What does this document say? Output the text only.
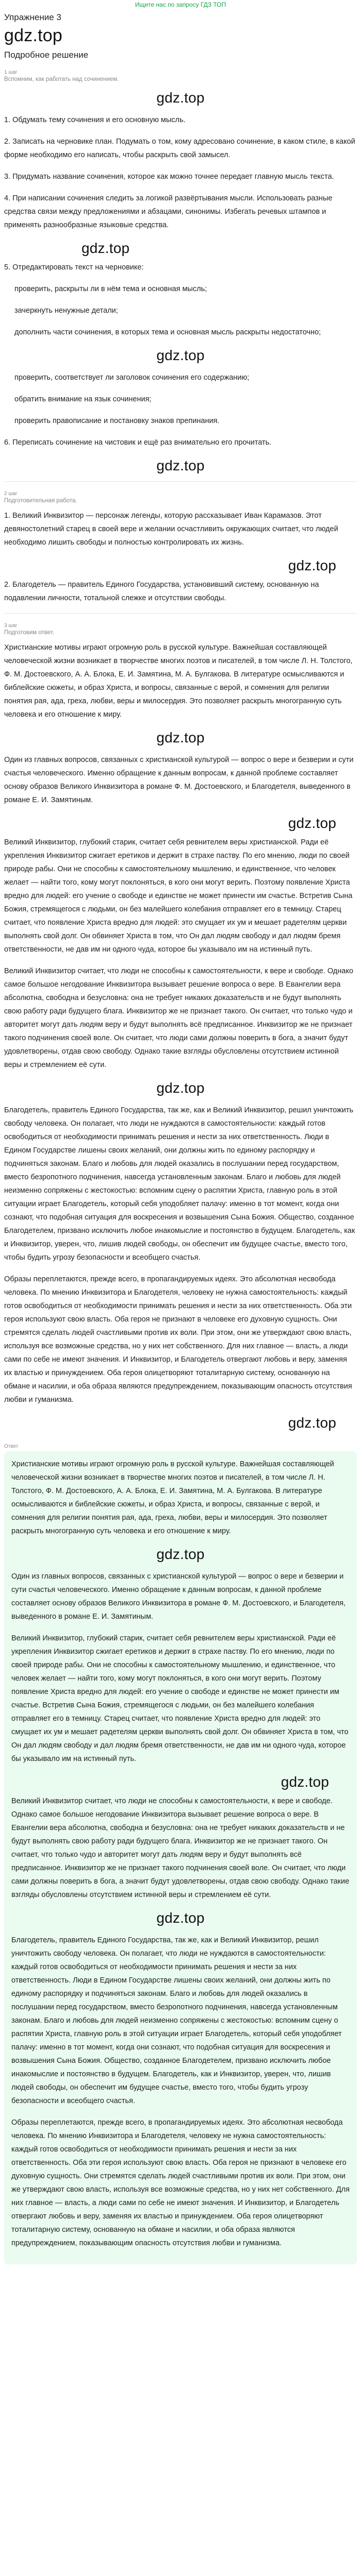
Ищите нас по запросу ГДЗ ТОП
Упражнение 3
gdz.top
Подробное решение
1 шаг
Вспомним, как работать над сочинением.
gdz.top

1. Обдумать тему сочинения и его основную мысль.

2. Записать на черновике план. Подумать о том, кому адресовано сочинение, в каком стиле, в какой форме необходимо его написать, чтобы раскрыть свой замысел.

3. Придумать название сочинения, которое как можно точнее передает главную мысль текста.

4. При написании сочинения следить за логикой развёртывания мысли. Использовать разные средства связи между предложениями и абзацами, синонимы. Избегать речевых штампов и применять разнообразные языковые средства.

gdz.top

5. Отредактировать текст на черновике:

проверить, раскрыты ли в нём тема и основная мысль;
зачеркнуть ненужные детали;
дополнить части сочинения, в которых тема и основная мысль раскрыты недостаточно;
gdz.top
проверить, соответствует ли заголовок сочинения его содержанию;
обратить внимание на язык сочинения;
проверить правописание и постановку знаков препинания.

6. Переписать сочинение на чистовик и ещё раз внимательно его прочитать.

gdz.top
2 шаг
Подготовительная работа.

1. Великий Инквизитор — персонаж легенды, которую рассказывает Иван Карамазов. Этот девяностолетний старец в своей вере и желании осчастливить окружающих считает, что людей необходимо лишить свободы и полностью контролировать их жизнь.

gdz.top

2. Благодетель — правитель Единого Государства, установивший систему, основанную на подавлении личности, тотальной слежке и отсутствии свободы.

3 шаг
Подготовим ответ.

Христианские мотивы играют огромную роль в русской культуре. Важнейшая составляющей человеческой жизни возникает в творчестве многих поэтов и писателей, в том числе Л. Н. Толстого, Ф. М. Достоевского, А. А. Блока, Е. И. Замятина, М. А. Булгакова. В литературе осмысливаются и библейские сюжеты, и образ Христа, и вопросы, связанные с верой, и сомнения для религии понятия рая, ада, греха, любви, веры и милосердия. Это позволяет раскрыть многогранную суть человека и его отношение к миру.

gdz.top

Один из главных вопросов, связанных с христианской культурой — вопрос о вере и безверии и сути счастья человеческого. Именно обращение к данным вопросам, к данной проблеме составляет основу образов Великого Инквизитора в романе Ф. М. Достоевского, и Благодетеля, выведенного в романе Е. И. Замятиным.

gdz.top

Великий Инквизитор, глубокий старик, считает себя ревнителем веры христианской. Ради её укрепления Инквизитор сжигает еретиков и держит в страхе паству. По его мнению, люди по своей природе рабы. Они не способны к самостоятельному мышлению, и единственное, что человек желает — найти того, кому могут поклоняться, в кого они могут верить. Поэтому появление Христа вредно для людей: его учение о свободе и единстве не может принести им счастье. Встретив Сына Божия, стремящегося с людьми, он без малейшего колебания отправляет его в темницу. Старец считает, что появление Христа вредно для людей: это смущает их ум и мешает радетелям церкви выполнять свой долг. Он обвиняет Христа в том, что Он дал людям свободу и дал людям бремя ответственности, не дав им ни одного чуда, которое бы указывало им на истинный путь.

Великий Инквизитор считает, что люди не способны к самостоятельности, к вере и свободе. Однако самое большое негодование Инквизитора вызывает решение вопроса о вере. В Евангелии вера абсолютна, свободна и безусловна: она не требует никаких доказательств и не будут выполнять свою работу ради будущего блага. Инквизитор же не признает такого. Он считает, что только чудо и авторитет могут дать людям веру и будут выполнять всё предписанное. Инквизитор же не признает такого подчинения своей воле. Он считает, что люди сами должны поверить в бога, а значит будут удовлетворены, отдав свою свободу. Однако такие взгляды обусловлены отсутствием истинной веры и стремлением её сути.

gdz.top

Благодетель, правитель Единого Государства, так же, как и Великий Инквизитор, решил уничтожить свободу человека. Он полагает, что люди не нуждаются в самостоятельности: каждый готов освободиться от необходимости принимать решения и нести за них ответственность. Люди в Едином Государстве лишены своих желаний, они должны жить по единому распорядку и подчиняться законам. Благо и любовь для людей оказались в послушании перед государством, вместо безропотного подчинения, навсегда установленным законам. Благо и любовь для людей неизменно сопряжены с жестокостью: вспомним сцену о распятии Христа, главную роль в этой ситуации играет Благодетель, который себя уподобляет палачу: именно в тот момент, когда они сознают, что подобная ситуация для воскресения и возвышения Сына Божия. Общество, созданное Благодетелем, призвано исключить любое инакомыслие и постоянство в будущем. Благодетель, как и Инквизитор, уверен, что, лишив людей свободы, он обеспечит им будущее счастье, вместо того, чтобы будить угрозу безопасности и всеобщего счастья.

Образы переплетаются, прежде всего, в пропагандируемых идеях. Это абсолютная несвобода человека. По мнению Инквизитора и Благодетеля, человеку не нужна самостоятельность: каждый готов освободиться от необходимости принимать решения и нести за них ответственность. Оба эти героя используют свою власть. Оба героя не признают в человеке его духовную сущность. Они стремятся сделать людей счастливыми против их воли. При этом, они же утверждают свою власть, используя все возможные средства, но у них нет собственного. Для них главное — власть, а люди сами по себе не имеют значения. И Инквизитор, и Благодетель отвергают любовь и веру, заменяя их властью и принуждением. Оба героя олицетворяют тоталитарную систему, основанную на обмане и насилии, и оба образа являются предупреждением, показывающим опасность отсутствия любви и гуманизма.

gdz.top
Ответ

Христианские мотивы играют огромную роль в русской культуре. Важнейшая составляющей человеческой жизни возникает в творчестве многих поэтов и писателей, в том числе Л. Н. Толстого, Ф. М. Достоевского, А. А. Блока, Е. И. Замятина, М. А. Булгакова. В литературе осмысливаются и библейские сюжеты, и образ Христа, и вопросы, связанные с верой, и сомнения для религии понятия рая, ада, греха, любви, веры и милосердия. Это позволяет раскрыть многогранную суть человека и его отношение к миру.

gdz.top

Один из главных вопросов, связанных с христианской культурой — вопрос о вере и безверии и сути счастья человеческого. Именно обращение к данным вопросам, к данной проблеме составляет основу образов Великого Инквизитора в романе Ф. М. Достоевского, и Благодетеля, выведенного в романе Е. И. Замятиным.

Великий Инквизитор, глубокий старик, считает себя ревнителем веры христианской. Ради её укрепления Инквизитор сжигает еретиков и держит в страхе паству. По его мнению, люди по своей природе рабы. Они не способны к самостоятельному мышлению, и единственное, что человек желает — найти того, кому могут поклоняться, в кого они могут верить. Поэтому появление Христа вредно для людей: его учение о свободе и единстве не может принести им счастье. Встретив Сына Божия, стремящегося с людьми, он без малейшего колебания отправляет его в темницу. Старец считает, что появление Христа вредно для людей: это смущает их ум и мешает радетелям церкви выполнять свой долг. Он обвиняет Христа в том, что Он дал людям свободу и дал людям бремя ответственности, не дав им ни одного чуда, которое бы указывало им на истинный путь.

gdz.top

Великий Инквизитор считает, что люди не способны к самостоятельности, к вере и свободе. Однако самое большое негодование Инквизитора вызывает решение вопроса о вере. В Евангелии вера абсолютна, свободна и безусловна: она не требует никаких доказательств и не будут выполнять свою работу ради будущего блага. Инквизитор же не признает такого. Он считает, что только чудо и авторитет могут дать людям веру и будут выполнять всё предписанное. Инквизитор же не признает такого подчинения своей воле. Он считает, что люди сами должны поверить в бога, а значит будут удовлетворены, отдав свою свободу. Однако такие взгляды обусловлены отсутствием истинной веры и стремлением её сути.

gdz.top

Благодетель, правитель Единого Государства, так же, как и Великий Инквизитор, решил уничтожить свободу человека. Он полагает, что люди не нуждаются в самостоятельности: каждый готов освободиться от необходимости принимать решения и нести за них ответственность. Люди в Едином Государстве лишены своих желаний, они должны жить по единому распорядку и подчиняться законам. Благо и любовь для людей оказались в послушании перед государством, вместо безропотного подчинения, навсегда установленным законам. Благо и любовь для людей неизменно сопряжены с жестокостью: вспомним сцену о распятии Христа, главную роль в этой ситуации играет Благодетель, который себя уподобляет палачу: именно в тот момент, когда они сознают, что подобная ситуация для воскресения и возвышения Сына Божия. Общество, созданное Благодетелем, призвано исключить любое инакомыслие и постоянство в будущем. Благодетель, как и Инквизитор, уверен, что, лишив людей свободы, он обеспечит им будущее счастье, вместо того, чтобы будить угрозу безопасности и всеобщего счастья.

Образы переплетаются, прежде всего, в пропагандируемых идеях. Это абсолютная несвобода человека. По мнению Инквизитора и Благодетеля, человеку не нужна самостоятельность: каждый готов освободиться от необходимости принимать решения и нести за них ответственность. Оба эти героя используют свою власть. Оба героя не признают в человеке его духовную сущность. Они стремятся сделать людей счастливыми против их воли. При этом, они же утверждают свою власть, используя все возможные средства, но у них нет собственного. Для них главное — власть, а люди сами по себе не имеют значения. И Инквизитор, и Благодетель отвергают любовь и веру, заменяя их властью и принуждением. Оба героя олицетворяют тоталитарную систему, основанную на обмане и насилии, и оба образа являются предупреждением, показывающим опасность отсутствия любви и гуманизма.
